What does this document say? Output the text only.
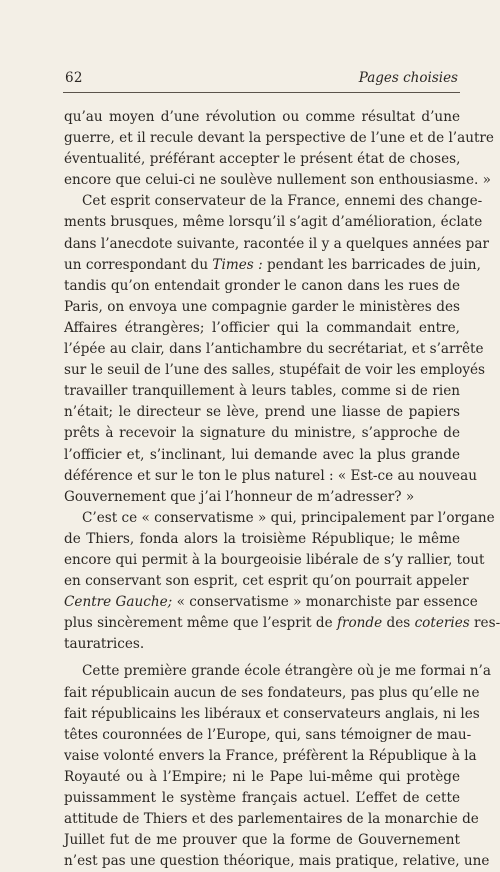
62	Pages choisies
qu’au moyen d’une révolution ou comme résultat d’une
guerre, et il recule devant la perspective de l’une et de l’autre
éventualité, préférant accepter le présent état de choses,
encore que celui-ci ne soulève nullement son enthousiasme. »
Cet esprit conservateur de la France, ennemi des change-
ments brusques, même lorsqu’il s’agit d’amélioration, éclate
dans l’anecdote suivante, racontée il y a quelques années par
un correspondant du Times : pendant les barricades de juin,
tandis qu’on entendait gronder le canon dans les rues de
Paris, on envoya une compagnie garder le ministères des
Affaires étrangères; l’officier qui la commandait entre,
l’épée au clair, dans l’antichambre du secrétariat, et s’arrête
sur le seuil de l’une des salles, stupéfait de voir les employés
travailler tranquillement à leurs tables, comme si de rien
n’était; le directeur se lève, prend une liasse de papiers
prêts à recevoir la signature du ministre, s’approche de
l’officier et, s’inclinant, lui demande avec la plus grande
déférence et sur le ton le plus naturel : « Est-ce au nouveau
Gouvernement que j’ai l’honneur de m’adresser? »
C’est ce « conservatisme » qui, principalement par l’organe
de Thiers, fonda alors la troisième République; le même
encore qui permit à la bourgeoisie libérale de s’y rallier, tout
en conservant son esprit, cet esprit qu’on pourrait appeler
Centre Gauche; « conservatisme » monarchiste par essence
plus sincèrement même que l’esprit de fronde des coteries res-
tauratrices.
Cette première grande école étrangère où je me formai n’a
fait républicain aucun de ses fondateurs, pas plus qu’elle ne
fait républicains les libéraux et conservateurs anglais, ni les
têtes couronnées de l’Europe, qui, sans témoigner de mau-
vaise volonté envers la France, préfèrent la République à la
Royauté ou à l’Empire; ni le Pape lui-même qui protège
puissamment le système français actuel. L’effet de cette
attitude de Thiers et des parlementaires de la monarchie de
Juillet fut de me prouver que la forme de Gouvernement
n’est pas une question théorique, mais pratique, relative, une
